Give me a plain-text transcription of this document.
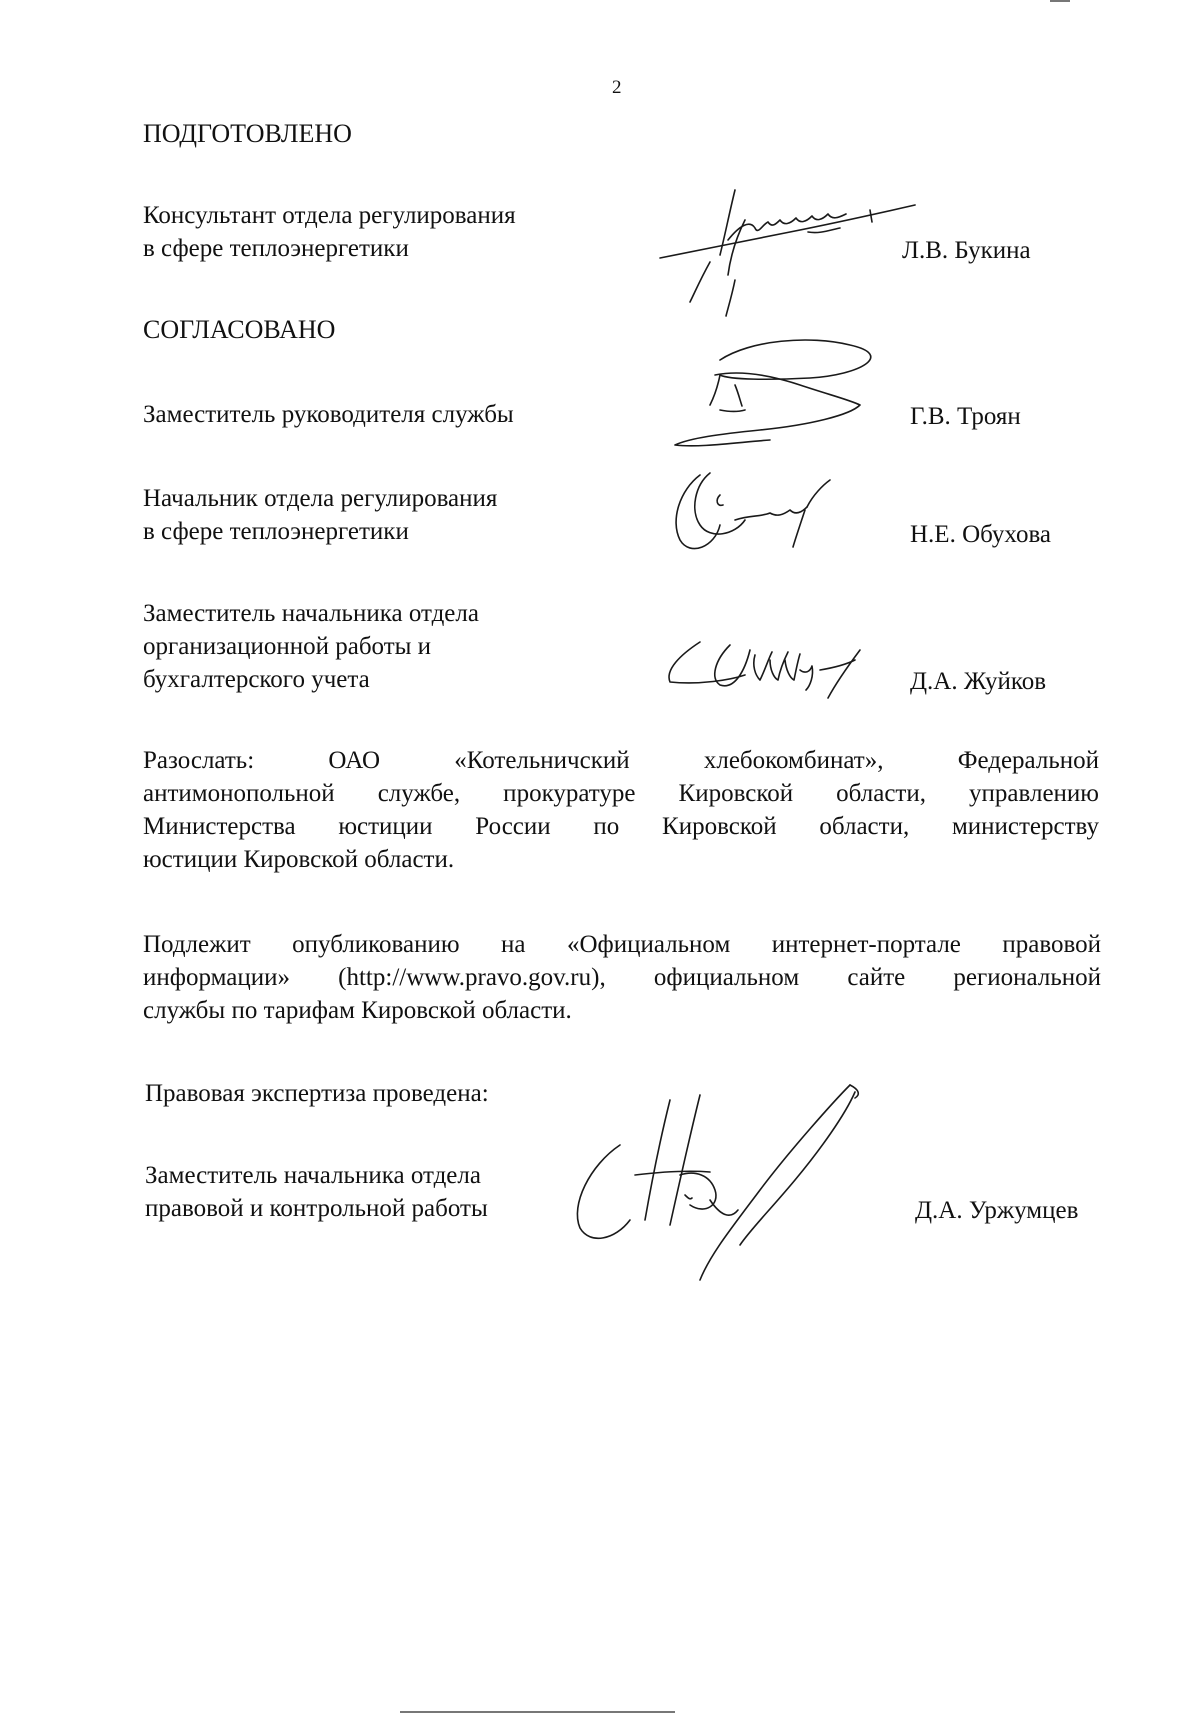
2

ПОДГОТОВЛЕНО

Консультант отдела регулирования

в сфере теплоэнергетики	Л.В. Букина

СОГЛАСОВАНО

Заместитель руководителя службы	Г.В. Троян

Начальник отдела регулирования

в сфере теплоэнергетики	Н.Е. Обухова

Заместитель начальника отдела

организационной работы и

бухгалтерского учета	Д.А. Жуйков
Разослать: ОАО «Котельничский хлебокомбинат», Федеральной
антимонопольной службе, прокуратуре Кировской области, управлению
Министерства юстиции России по Кировской области, министерству
юстиции Кировской области.
Подлежит опубликованию на «Официальном интернет-портале правовой
информации» (http://www.pravo.gov.ru), официальном сайте региональной
службы по тарифам Кировской области.

Правовая экспертиза проведена:

Заместитель начальника отдела

правовой и контрольной работы	Д.А. Уржумцев
